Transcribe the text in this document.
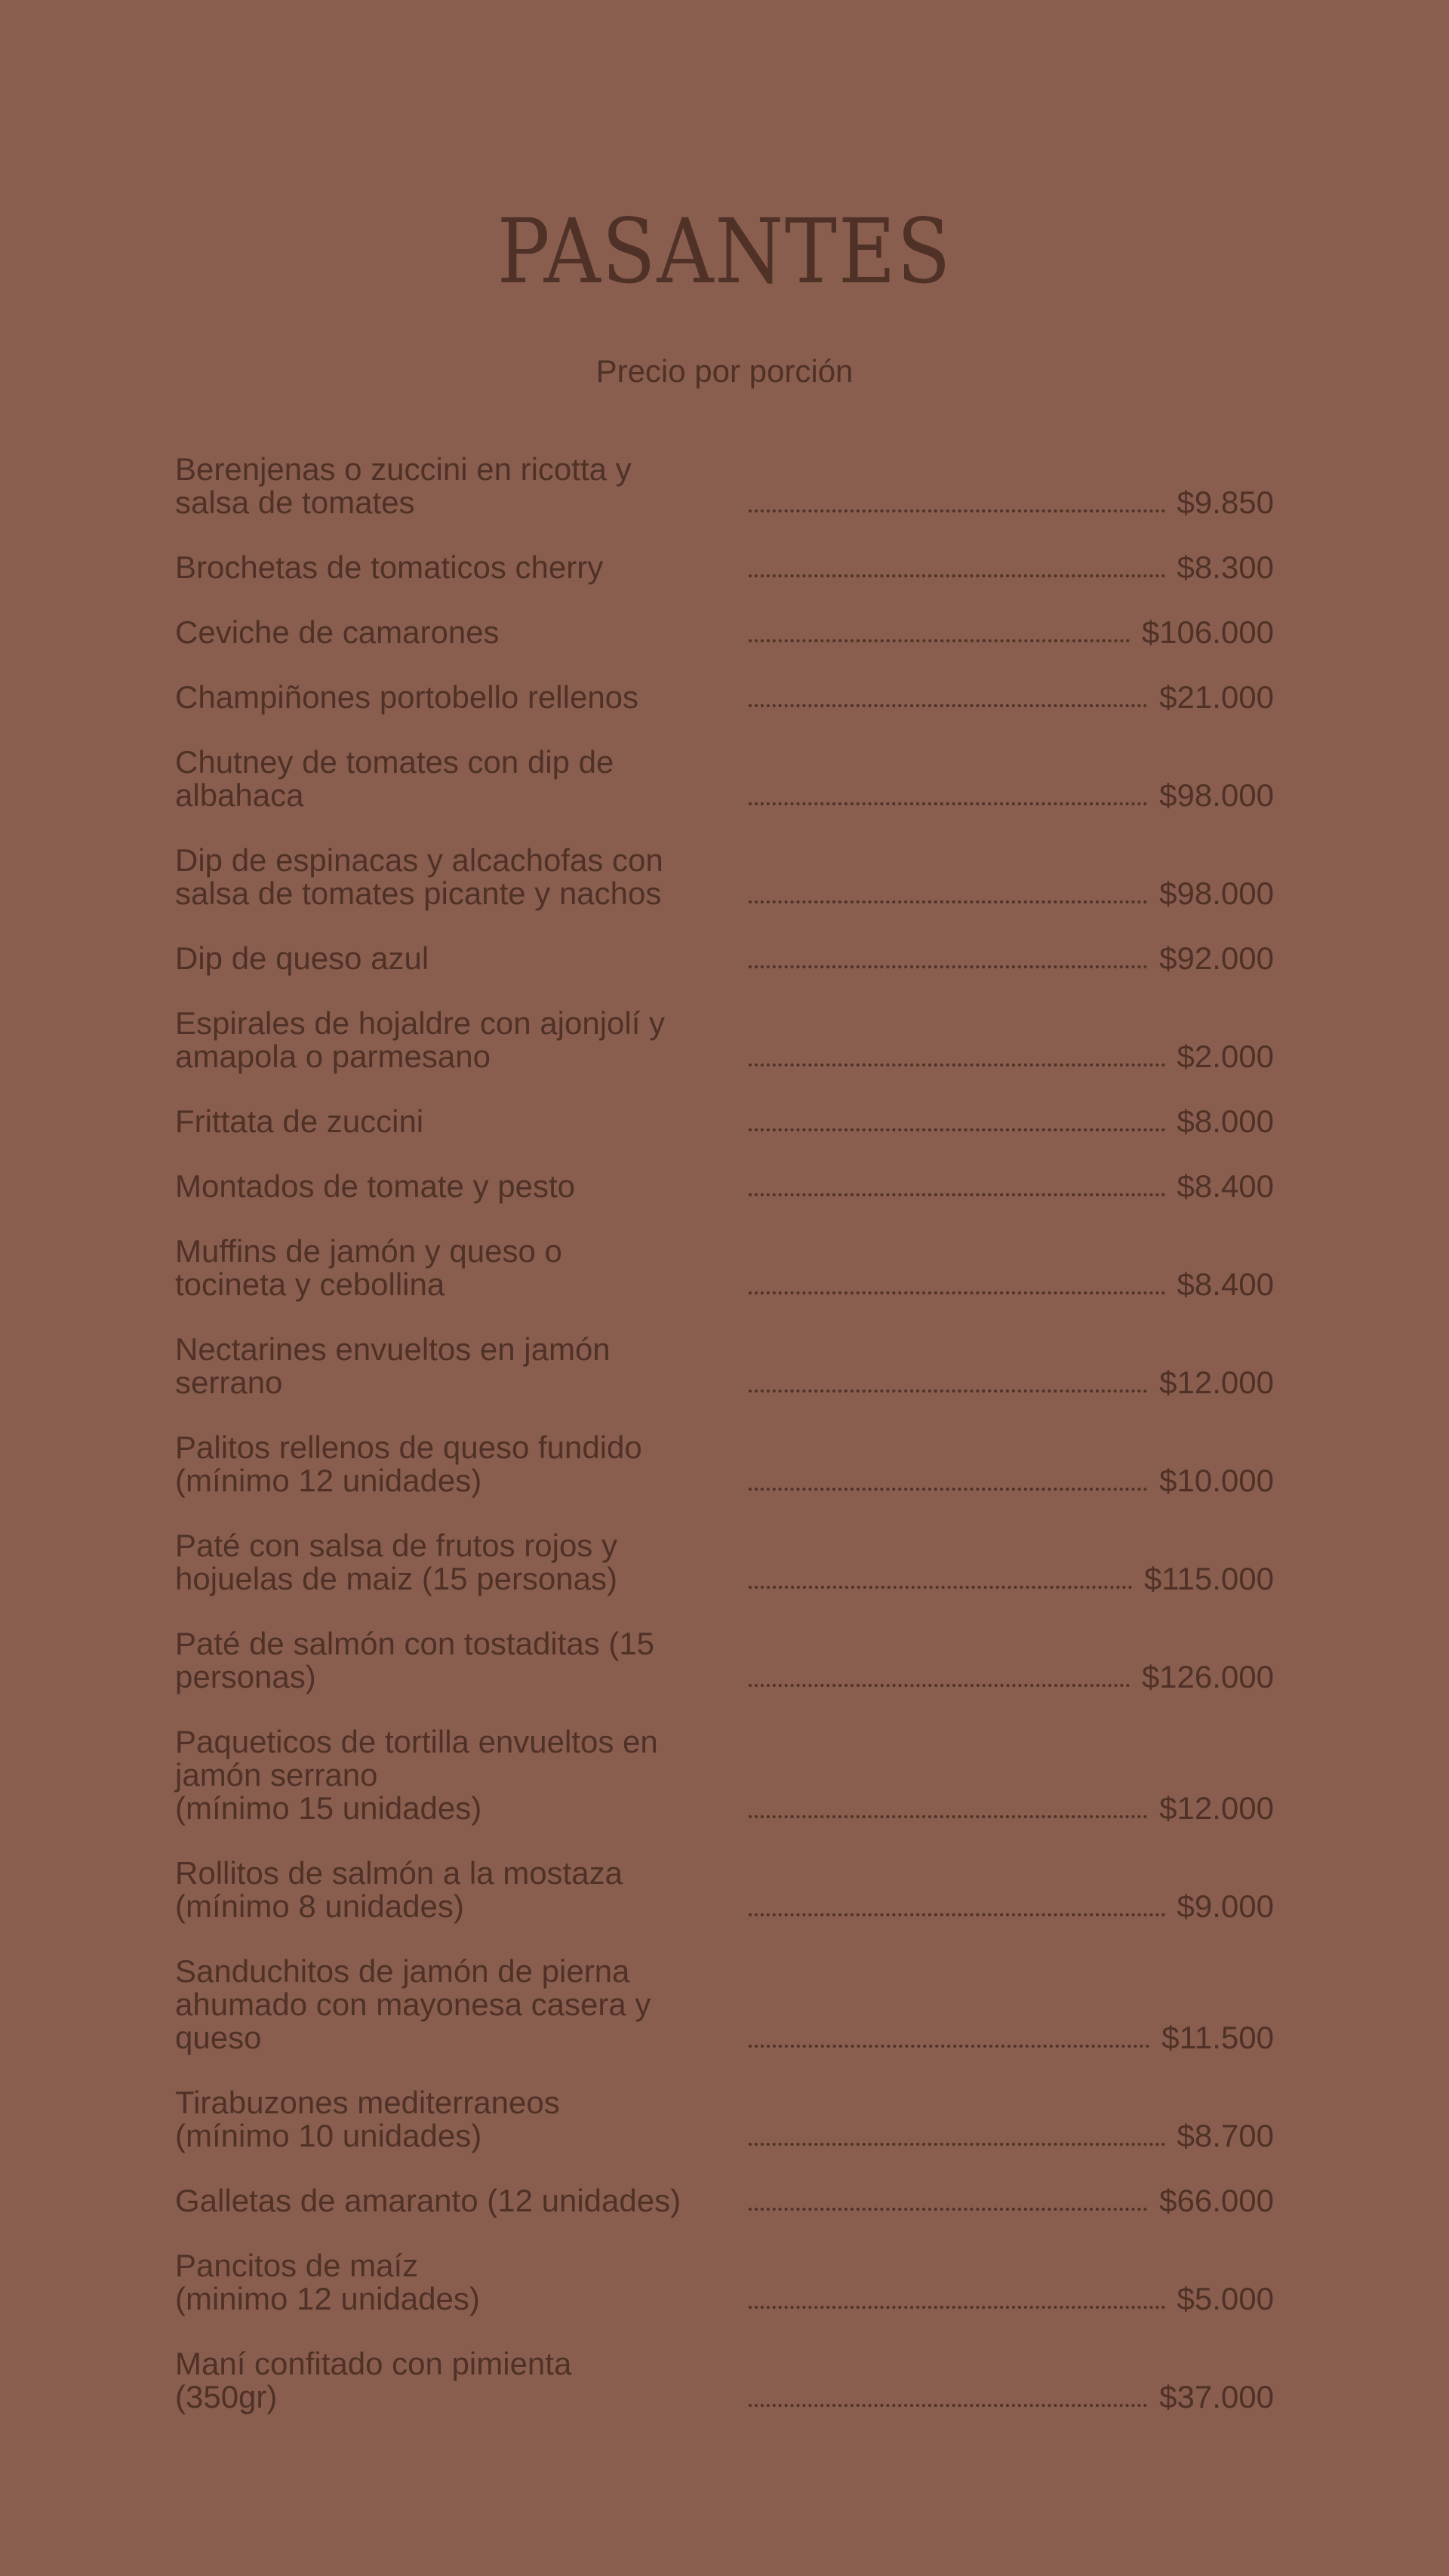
PASANTES
Precio por porción
Berenjenas o zuccini en ricotta y
salsa de tomates
	$9.850
Brochetas de tomaticos cherry
	$8.300
Ceviche de camarones
	$106.000
Champiñones portobello rellenos
	$21.000
Chutney de tomates con dip de
albahaca
	$98.000
Dip de espinacas y alcachofas con
salsa de tomates picante y nachos
	$98.000
Dip de queso azul
	$92.000
Espirales de hojaldre con ajonjolí y
amapola o parmesano
	$2.000
Frittata de zuccini
	$8.000
Montados de tomate y pesto
	$8.400
Muffins de jamón y queso o
tocineta y cebollina
	$8.400
Nectarines envueltos en jamón
serrano
	$12.000
Palitos rellenos de queso fundido
(mínimo 12 unidades)
	$10.000
Paté con salsa de frutos rojos y
hojuelas de maiz (15 personas)
	$115.000
Paté de salmón con tostaditas (15
personas)
	$126.000
Paqueticos de tortilla envueltos en
jamón serrano
(mínimo 15 unidades)
	$12.000
Rollitos de salmón a la mostaza
(mínimo 8 unidades)
	$9.000
Sanduchitos de jamón de pierna
ahumado con mayonesa casera y
queso
	$11.500
Tirabuzones mediterraneos
(mínimo 10 unidades)
	$8.700
Galletas de amaranto (12 unidades)
	$66.000
Pancitos de maíz
(minimo 12 unidades)
	$5.000
Maní confitado con pimienta
(350gr)
	$37.000
